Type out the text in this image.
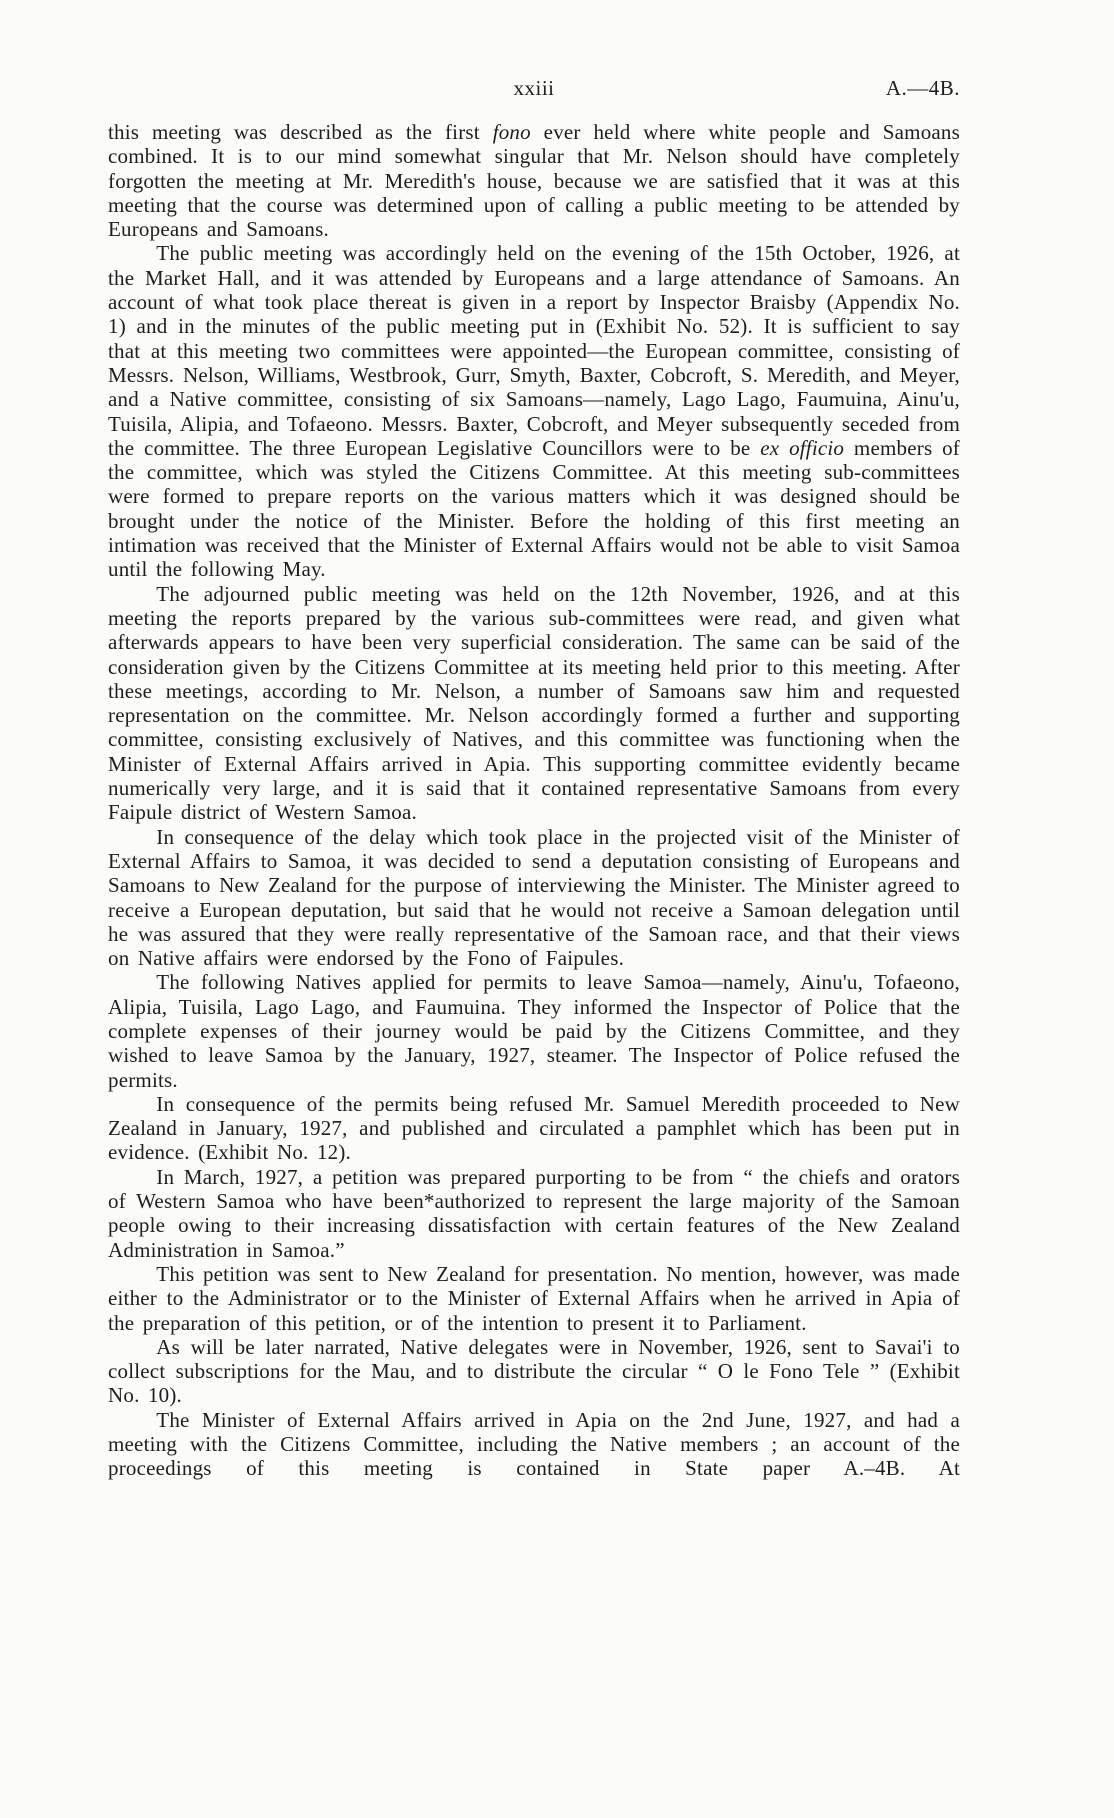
xxiii	A.—4B.

this meeting was described as the first fono ever held where white people and Samoans combined. It is to our mind somewhat singular that Mr. Nelson should have completely forgotten the meeting at Mr. Meredith's house, because we are satisfied that it was at this meeting that the course was determined upon of calling a public meeting to be attended by Europeans and Samoans.

The public meeting was accordingly held on the evening of the 15th October, 1926, at the Market Hall, and it was attended by Europeans and a large attendance of Samoans. An account of what took place thereat is given in a report by Inspector Braisby (Appendix No. 1) and in the minutes of the public meeting put in (Exhibit No. 52). It is sufficient to say that at this meeting two committees were appointed—the European committee, consisting of Messrs. Nelson, Williams, Westbrook, Gurr, Smyth, Baxter, Cobcroft, S. Meredith, and Meyer, and a Native committee, consisting of six Samoans—namely, Lago Lago, Faumuina, Ainu'u, Tuisila, Alipia, and Tofaeono. Messrs. Baxter, Cobcroft, and Meyer subsequently seceded from the committee. The three European Legislative Councillors were to be ex officio members of the committee, which was styled the Citizens Committee. At this meeting sub-committees were formed to prepare reports on the various matters which it was designed should be brought under the notice of the Minister. Before the holding of this first meeting an intimation was received that the Minister of External Affairs would not be able to visit Samoa until the following May.

The adjourned public meeting was held on the 12th November, 1926, and at this meeting the reports prepared by the various sub-committees were read, and given what afterwards appears to have been very superficial consideration. The same can be said of the consideration given by the Citizens Committee at its meeting held prior to this meeting. After these meetings, according to Mr. Nelson, a number of Samoans saw him and requested representation on the committee. Mr. Nelson accordingly formed a further and supporting committee, consisting exclusively of Natives, and this committee was functioning when the Minister of External Affairs arrived in Apia. This supporting committee evidently became numerically very large, and it is said that it contained representative Samoans from every Faipule district of Western Samoa.

In consequence of the delay which took place in the projected visit of the Minister of External Affairs to Samoa, it was decided to send a deputation consisting of Europeans and Samoans to New Zealand for the purpose of interviewing the Minister. The Minister agreed to receive a European deputation, but said that he would not receive a Samoan delegation until he was assured that they were really representative of the Samoan race, and that their views on Native affairs were endorsed by the Fono of Faipules.

The following Natives applied for permits to leave Samoa—namely, Ainu'u, Tofaeono, Alipia, Tuisila, Lago Lago, and Faumuina. They informed the Inspector of Police that the complete expenses of their journey would be paid by the Citizens Committee, and they wished to leave Samoa by the January, 1927, steamer. The Inspector of Police refused the permits.

In consequence of the permits being refused Mr. Samuel Meredith proceeded to New Zealand in January, 1927, and published and circulated a pamphlet which has been put in evidence. (Exhibit No. 12).

In March, 1927, a petition was prepared purporting to be from “ the chiefs and orators of Western Samoa who have been*authorized to represent the large majority of the Samoan people owing to their increasing dissatisfaction with certain features of the New Zealand Administration in Samoa.”

This petition was sent to New Zealand for presentation. No mention, however, was made either to the Administrator or to the Minister of External Affairs when he arrived in Apia of the preparation of this petition, or of the intention to present it to Parliament.

As will be later narrated, Native delegates were in November, 1926, sent to Savai'i to collect subscriptions for the Mau, and to distribute the circular “ O le Fono Tele ” (Exhibit No. 10).

The Minister of External Affairs arrived in Apia on the 2nd June, 1927, and had a meeting with the Citizens Committee, including the Native members ; an account of the proceedings of this meeting is contained in State paper A.–4B. At
